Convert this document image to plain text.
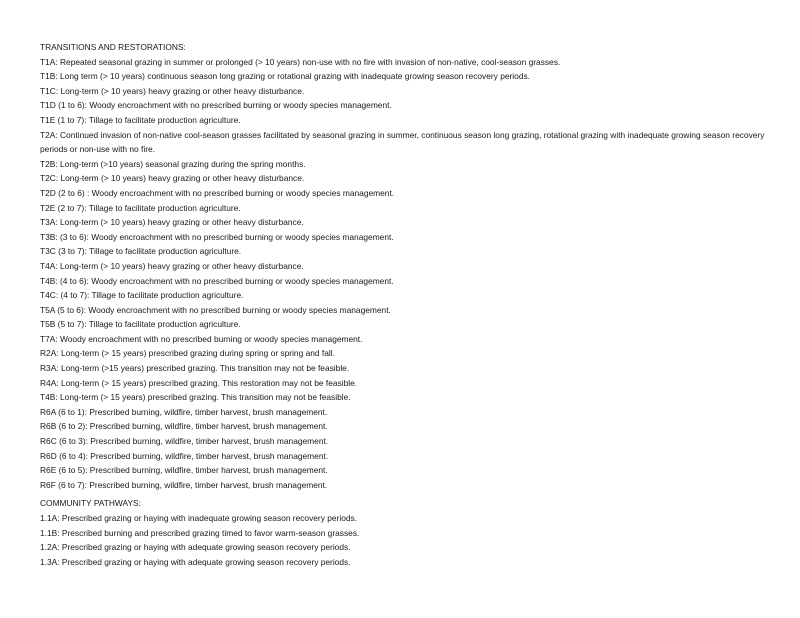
TRANSITIONS AND RESTORATIONS:
T1A: Repeated seasonal grazing in summer or prolonged (> 10 years) non-use with no fire with invasion of non-native, cool-season grasses.
T1B: Long term (> 10 years) continuous season long grazing or rotational grazing with inadequate growing season recovery periods.
T1C: Long-term (> 10 years) heavy grazing or other heavy disturbance.
T1D (1 to 6): Woody encroachment with no prescribed burning or woody species management.
T1E (1 to 7): Tillage to facilitate production agriculture.
T2A: Continued invasion of non-native cool-season grasses facilitated by seasonal grazing in summer, continuous season long grazing, rotational grazing with inadequate growing season recovery periods or non-use with no fire.
T2B: Long-term (>10 years) seasonal grazing during the spring months.
T2C: Long-term (> 10 years) heavy grazing or other heavy disturbance.
T2D (2 to 6) : Woody encroachment with no prescribed burning or woody species management.
T2E (2 to 7): Tillage to facilitate production agriculture.
T3A: Long-term (> 10 years) heavy grazing or other heavy disturbance.
T3B: (3 to 6): Woody encroachment with no prescribed burning or woody species management.
T3C (3 to 7): Tillage to facilitate production agriculture.
T4A: Long-term (> 10 years) heavy grazing or other heavy disturbance.
T4B: (4 to 6): Woody encroachment with no prescribed burning or woody species management.
T4C: (4 to 7): Tillage to facilitate production agriculture.
T5A (5 to 6): Woody encroachment with no prescribed burning or woody species management.
T5B (5 to 7): Tillage to facilitate production agriculture.
T7A: Woody encroachment with no prescribed burning or woody species management.
R2A: Long-term (> 15 years) prescribed grazing during spring or spring and fall.
R3A: Long-term (>15 years) prescribed grazing. This transition may not be feasible.
R4A: Long-term (> 15 years) prescribed grazing. This restoration may not be feasible.
T4B: Long-term (> 15 years) prescribed grazing. This transition may not be feasible.
R6A (6 to 1): Prescribed burning, wildfire, timber harvest, brush management.
R6B (6 to 2): Prescribed burning, wildfire, timber harvest, brush management.
R6C (6 to 3): Prescribed burning, wildfire, timber harvest, brush management.
R6D (6 to 4): Prescribed burning, wildfire, timber harvest, brush management.
R6E (6 to 5): Prescribed burning, wildfire, timber harvest, brush management.
R6F (6 to 7): Prescribed burning, wildfire, timber harvest, brush management.
COMMUNITY PATHWAYS:
1.1A: Prescribed grazing or haying with inadequate growing season recovery periods.
1.1B: Prescribed burning and prescribed grazing timed to favor warm-season grasses.
1.2A: Prescribed grazing or haying with adequate growing season recovery periods.
1.3A: Prescribed grazing or haying with adequate growing season recovery periods.
